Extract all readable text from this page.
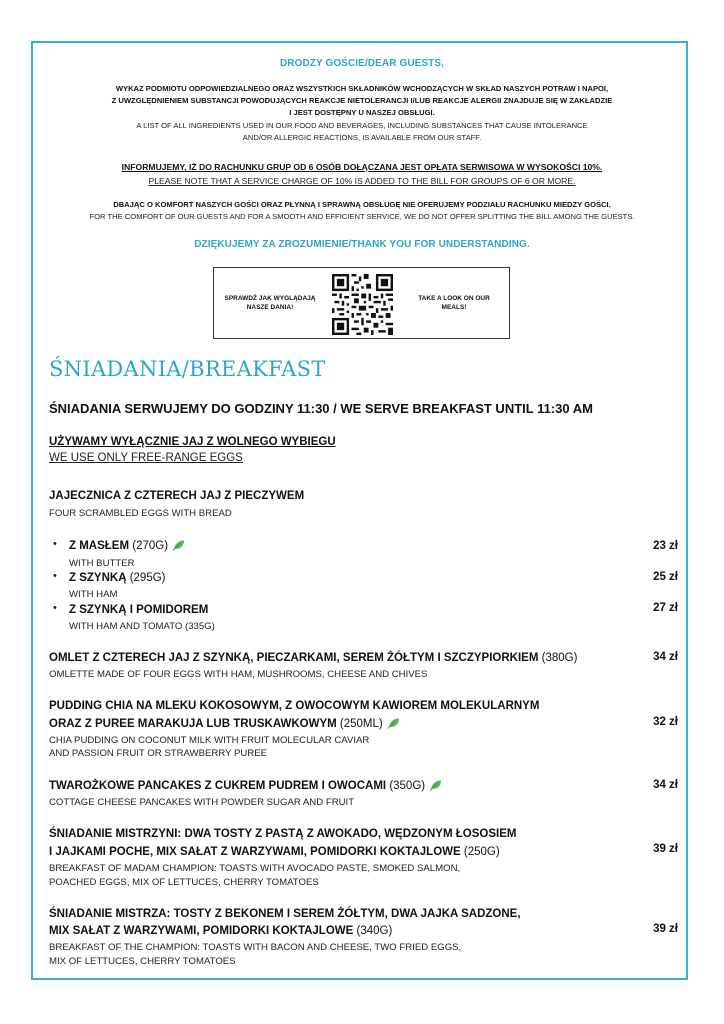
DRODZY GOŚCIE/DEAR GUESTS,
WYKAZ PODMIOTU ODPOWIEDZIALNEGO ORAZ WSZYSTKICH SKŁADNIKÓW WCHODZĄCYCH W SKŁAD NASZYCH POTRAW I NAPOI,
Z UWZGLĘDNIENIEM SUBSTANCJI POWODUJĄCYCH REAKCJE NIETOLERANCJI I/LUB REAKCJE ALERGII ZNAJDUJE SIĘ W ZAKŁADZIE
I JEST DOSTĘPNY U NASZEJ OBSŁUGI.
A LIST OF ALL INGREDIENTS USED IN OUR FOOD AND BEVERAGES, INCLUDING SUBSTANCES THAT CAUSE INTOLERANCE
AND/OR ALLERGIC REACTIONS, IS AVAILABLE FROM OUR STAFF.
INFORMUJEMY, IŻ DO RACHUNKU GRUP OD 6 OSÓB DOŁĄCZANA JEST OPŁATA SERWISOWA W WYSOKOŚCI 10%.
PLEASE NOTE THAT A SERVICE CHARGE OF 10% IS ADDED TO THE BILL FOR GROUPS OF 6 OR MORE.
DBAJĄC O KOMFORT NASZYCH GOŚCI ORAZ PŁYNNĄ I SPRAWNĄ OBSŁUGĘ NIE OFERUJEMY PODZIAŁU RACHUNKU MIEDZY GOŚCI.
FOR THE COMFORT OF OUR GUESTS AND FOR A SMOOTH AND EFFICIENT SERVICE, WE DO NOT OFFER SPLITTING THE BILL AMONG THE GUESTS.
DZIĘKUJEMY ZA ZROZUMIENIE/THANK YOU FOR UNDERSTANDING.
SPRAWDŹ JAK WYGLĄDAJĄ
NASZE DANIA!
TAKE A LOOK ON OUR
MEALS!
ŚNIADANIA/BREAKFAST
ŚNIADANIA SERWUJEMY DO GODZINY 11:30 / WE SERVE BREAKFAST UNTIL 11:30 AM
UŻYWAMY WYŁĄCZNIE JAJ Z WOLNEGO WYBIEGU
WE USE ONLY FREE-RANGE EGGS
JAJECZNICA Z CZTERECH JAJ Z PIECZYWEM
FOUR SCRAMBLED EGGS WITH BREAD
• Z MASŁEM (270G)
WITH BUTTER
23 zł
• Z SZYNKĄ (295G)
WITH HAM
25 zł
• Z SZYNKĄ I POMIDOREM
WITH HAM AND TOMATO (335G)
27 zł
OMLET Z CZTERECH JAJ Z SZYNKĄ, PIECZARKAMI, SEREM ŻÓŁTYM I SZCZYPIORKIEM (380G)
OMLETTE MADE OF FOUR EGGS WITH HAM, MUSHROOMS, CHEESE AND CHIVES
34 zł
PUDDING CHIA NA MLEKU KOKOSOWYM, Z OWOCOWYM KAWIOREM MOLEKULARNYM
ORAZ Z PUREE MARAKUJA LUB TRUSKAWKOWYM (250ML)
CHIA PUDDING ON COCONUT MILK WITH FRUIT MOLECULAR CAVIAR
AND PASSION FRUIT OR STRAWBERRY PUREE
32 zł
TWAROŻKOWE PANCAKES Z CUKREM PUDREM I OWOCAMI (350G)
COTTAGE CHEESE PANCAKES WITH POWDER SUGAR AND FRUIT
34 zł
ŚNIADANIE MISTRZYNI: DWA TOSTY Z PASTĄ Z AWOKADO, WĘDZONYM ŁOSOSIEM
I JAJKAMI POCHE, MIX SAŁAT Z WARZYWAMI, POMIDORKI KOKTAJLOWE (250G)
BREAKFAST OF MADAM CHAMPION: TOASTS WITH AVOCADO PASTE, SMOKED SALMON,
POACHED EGGS, MIX OF LETTUCES, CHERRY TOMATOES
39 zł
ŚNIADANIE MISTRZA: TOSTY Z BEKONEM I SEREM ŻÓŁTYM, DWA JAJKA SADZONE,
MIX SAŁAT Z WARZYWAMI, POMIDORKI KOKTAJLOWE (340G)
BREAKFAST OF THE CHAMPION: TOASTS WITH BACON AND CHEESE, TWO FRIED EGGS,
MIX OF LETTUCES, CHERRY TOMATOES
39 zł
